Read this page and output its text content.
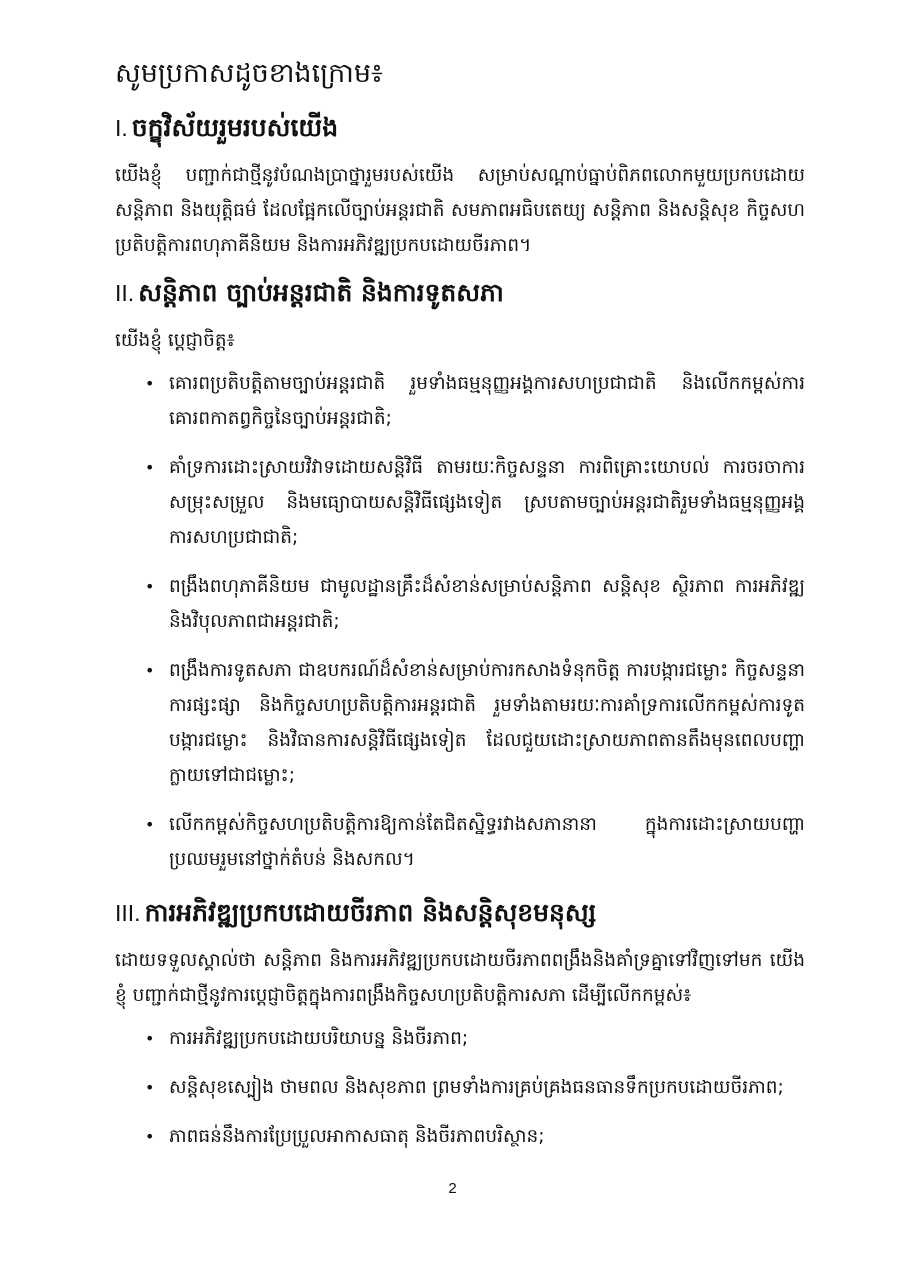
សូមប្រកាសដូចខាងក្រោម៖
I. ចក្ខុវិស័យរួមរបស់យើង

យើងខ្ញុំ បញ្ជាក់ជាថ្មីនូវបំណងប្រាថ្នារួមរបស់យើង សម្រាប់សណ្តាប់ធ្នាប់ពិភពលោកមួយប្រកបដោយសន្តិភាព និងយុត្តិធម៌ ដែលផ្អែកលើច្បាប់អន្តរជាតិ សមភាពអធិបតេយ្យ សន្តិភាព និងសន្តិសុខ កិច្ចសហប្រតិបត្តិការពហុភាគីនិយម និងការអភិវឌ្ឍប្រកបដោយចីរភាព។

II. សន្តិភាព ច្បាប់អន្តរជាតិ និងការទូតសភា

យើងខ្ញុំ ប្តេជ្ញាចិត្ត៖

• គោរពប្រតិបត្តិតាមច្បាប់អន្តរជាតិ រួមទាំងធម្មនុញ្ញអង្គការសហប្រជាជាតិ និងលើកកម្ពស់ការគោរពកាតព្វកិច្ចនៃច្បាប់អន្តរជាតិ;
• គាំទ្រការដោះស្រាយវិវាទដោយសន្តិវិធី តាមរយៈកិច្ចសន្ទនា ការពិគ្រោះយោបល់ ការចរចាការសម្រុះសម្រួល និងមធ្យោបាយសន្តិវិធីផ្សេងទៀត ស្របតាមច្បាប់អន្តរជាតិរួមទាំងធម្មនុញ្ញអង្គការសហប្រជាជាតិ;
• ពង្រឹងពហុភាគីនិយម ជាមូលដ្ឋានគ្រឹះដ៏សំខាន់សម្រាប់សន្តិភាព សន្តិសុខ ស្ថិរភាព ការអភិវឌ្ឍ និងវិបុលភាពជាអន្តរជាតិ;
• ពង្រឹងការទូតសភា ជាឧបករណ៍ដ៏សំខាន់សម្រាប់ការកសាងទំនុកចិត្ត ការបង្ការជម្លោះ កិច្ចសន្ទនា ការផ្សះផ្សា និងកិច្ចសហប្រតិបត្តិការអន្តរជាតិ រួមទាំងតាមរយៈការគាំទ្រការលើកកម្ពស់ការទូតបង្ការជម្លោះ និងវិធានការសន្តិវិធីផ្សេងទៀត ដែលជួយដោះស្រាយភាពតានតឹងមុនពេលបញ្ហាក្លាយទៅជាជម្លោះ;
• លើកកម្ពស់កិច្ចសហប្រតិបត្តិការឱ្យកាន់តែជិតស្និទ្ធរវាងសភានានា ក្នុងការដោះស្រាយបញ្ហាប្រឈមរួមនៅថ្នាក់តំបន់ និងសកល។
III. ការអភិវឌ្ឍប្រកបដោយចីរភាព និងសន្តិសុខមនុស្ស

ដោយទទួលស្គាល់ថា សន្តិភាព និងការអភិវឌ្ឍប្រកបដោយចីរភាពពង្រឹងនិងគាំទ្រគ្នាទៅវិញទៅមក យើងខ្ញុំ បញ្ជាក់ជាថ្មីនូវការប្តេជ្ញាចិត្តក្នុងការពង្រឹងកិច្ចសហប្រតិបត្តិការសភា ដើម្បីលើកកម្ពស់៖

• ការអភិវឌ្ឍប្រកបដោយបរិយាបន្ន និងចីរភាព;
• សន្តិសុខស្បៀង ថាមពល និងសុខភាព ព្រមទាំងការគ្រប់គ្រងធនធានទឹកប្រកបដោយចីរភាព;
• ភាពធន់នឹងការប្រែប្រួលអាកាសធាតុ និងចីរភាពបរិស្ថាន;
2
